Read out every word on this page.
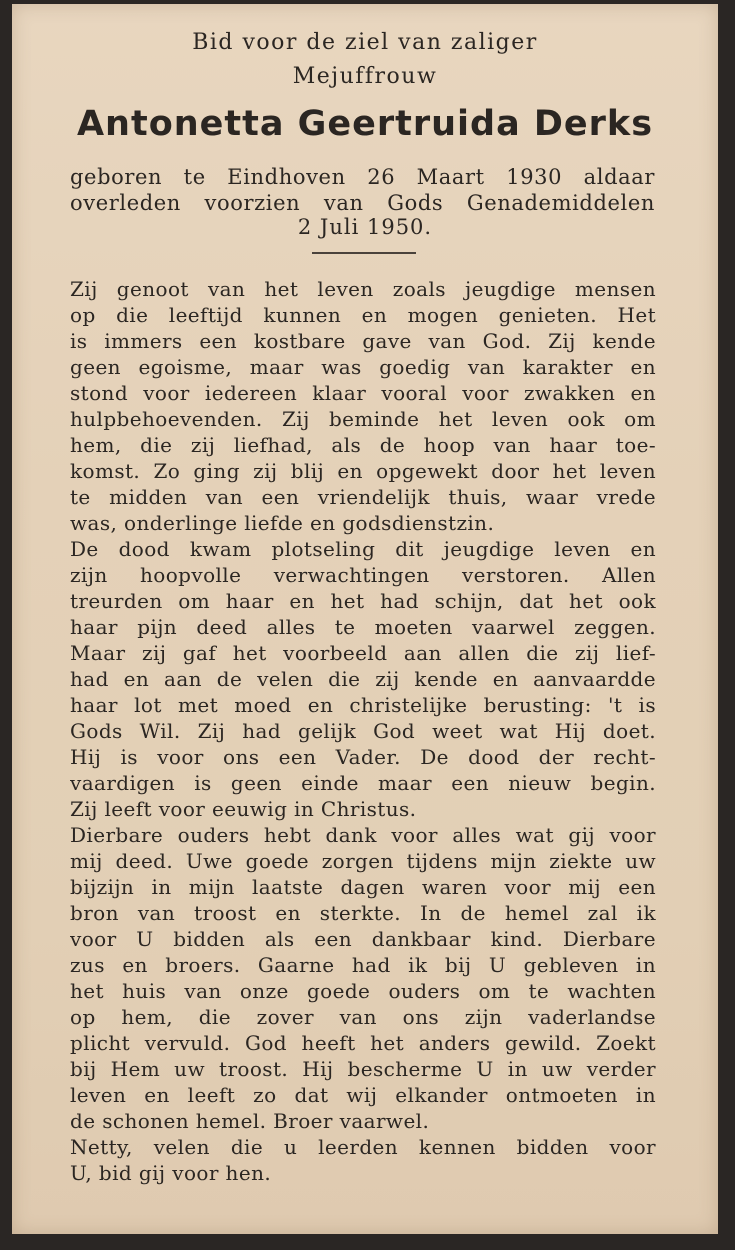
Bid voor de ziel van zaliger
Mejuffrouw
Antonetta Geertruida Derks
geboren te Eindhoven 26 Maart 1930 aldaar
overleden voorzien van Gods Genademiddelen
2 Juli 1950.
Zij genoot van het leven zoals jeugdige mensen
op die leeftijd kunnen en mogen genieten. Het
is immers een kostbare gave van God. Zij kende
geen egoisme, maar was goedig van karakter en
stond voor iedereen klaar vooral voor zwakken en
hulpbehoevenden. Zij beminde het leven ook om
hem, die zij liefhad, als de hoop van haar toe-
komst. Zo ging zij blij en opgewekt door het leven
te midden van een vriendelijk thuis, waar vrede
was, onderlinge liefde en godsdienstzin.
De dood kwam plotseling dit jeugdige leven en
zijn hoopvolle verwachtingen verstoren. Allen
treurden om haar en het had schijn, dat het ook
haar pijn deed alles te moeten vaarwel zeggen.
Maar zij gaf het voorbeeld aan allen die zij lief-
had en aan de velen die zij kende en aanvaardde
haar lot met moed en christelijke berusting: 't is
Gods Wil. Zij had gelijk God weet wat Hij doet.
Hij is voor ons een Vader. De dood der recht-
vaardigen is geen einde maar een nieuw begin.
Zij leeft voor eeuwig in Christus.
Dierbare ouders hebt dank voor alles wat gij voor
mij deed. Uwe goede zorgen tijdens mijn ziekte uw
bijzijn in mijn laatste dagen waren voor mij een
bron van troost en sterkte. In de hemel zal ik
voor U bidden als een dankbaar kind. Dierbare
zus en broers. Gaarne had ik bij U gebleven in
het huis van onze goede ouders om te wachten
op hem, die zover van ons zijn vaderlandse
plicht vervuld. God heeft het anders gewild. Zoekt
bij Hem uw troost. Hij bescherme U in uw verder
leven en leeft zo dat wij elkander ontmoeten in
de schonen hemel. Broer vaarwel.
Netty, velen die u leerden kennen bidden voor
U, bid gij voor hen.
